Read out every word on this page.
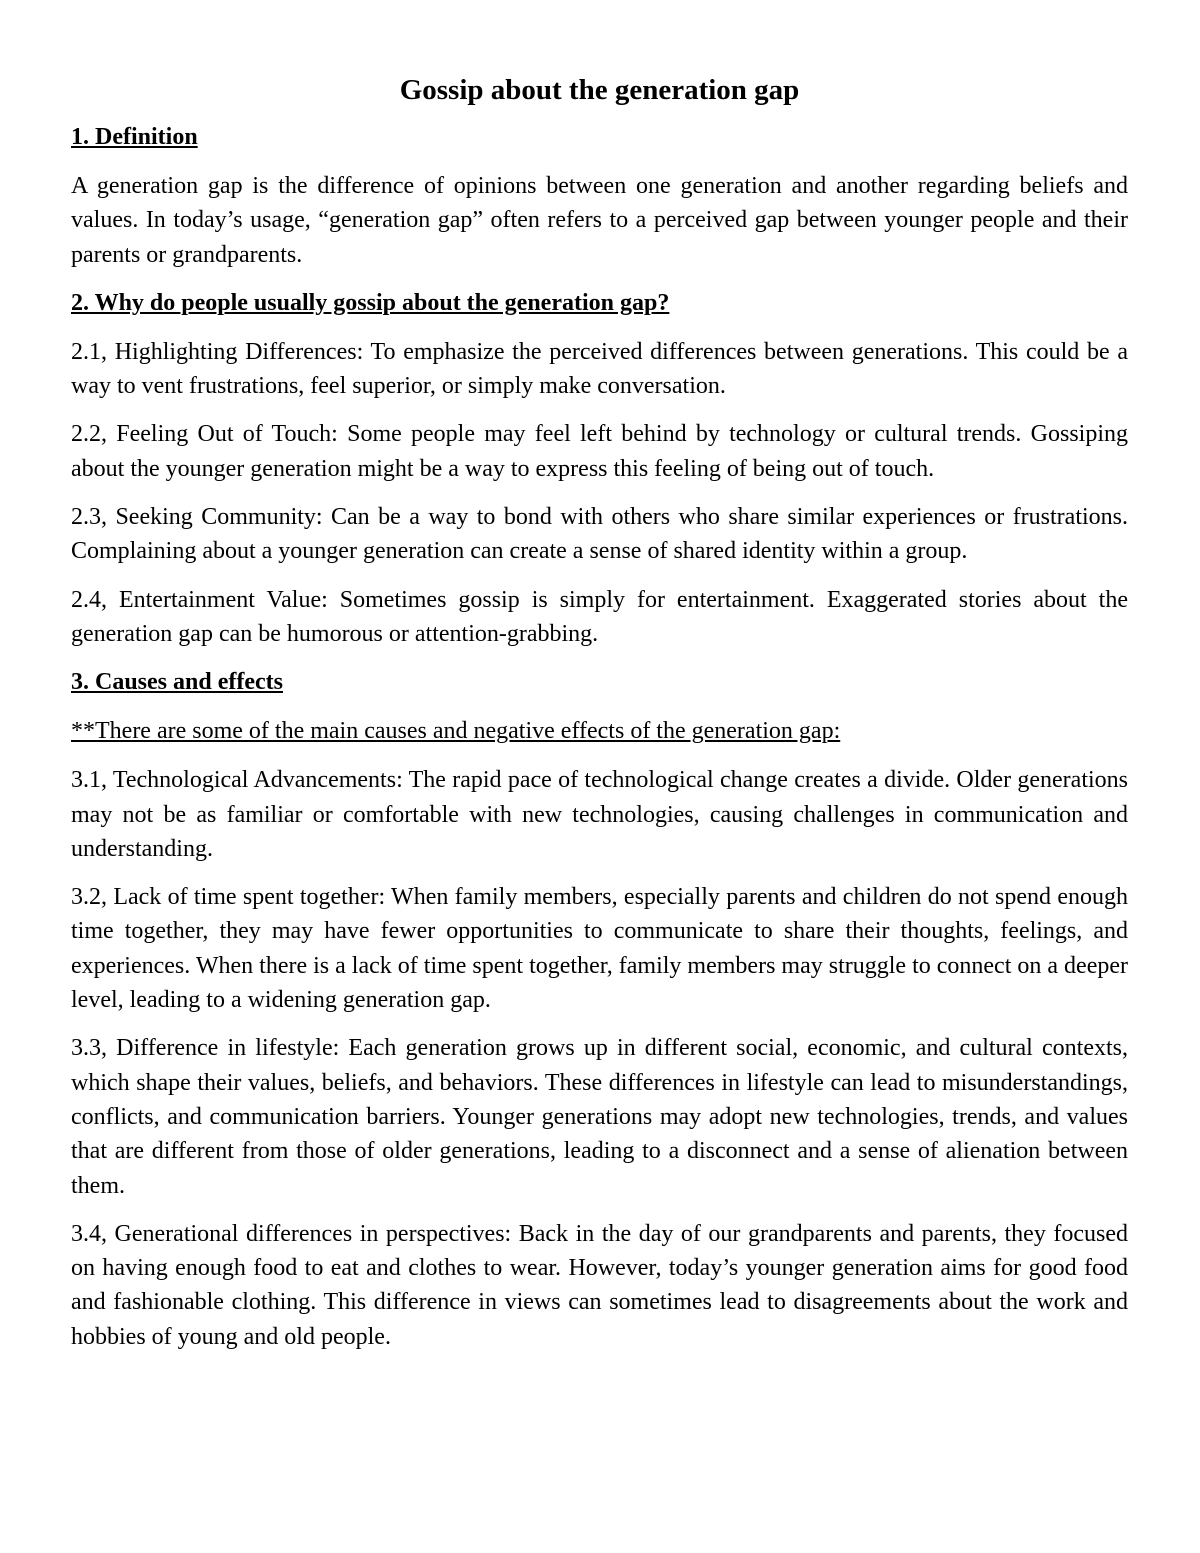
Gossip about the generation gap
1. Definition

A generation gap is the difference of opinions between one generation and another regarding beliefs and values. In today’s usage, “generation gap” often refers to a perceived gap between younger people and their parents or grandparents.

2. Why do people usually gossip about the generation gap?

2.1, Highlighting Differences: To emphasize the perceived differences between generations. This could be a way to vent frustrations, feel superior, or simply make conversation.

2.2, Feeling Out of Touch: Some people may feel left behind by technology or cultural trends. Gossiping about the younger generation might be a way to express this feeling of being out of touch.

2.3, Seeking Community: Can be a way to bond with others who share similar experiences or frustrations. Complaining about a younger generation can create a sense of shared identity within a group.

2.4, Entertainment Value: Sometimes gossip is simply for entertainment. Exaggerated stories about the generation gap can be humorous or attention-grabbing.

3. Causes and effects
**There are some of the main causes and negative effects of the generation gap:

3.1, Technological Advancements: The rapid pace of technological change creates a divide. Older generations may not be as familiar or comfortable with new technologies, causing challenges in communication and understanding.

3.2, Lack of time spent together: When family members, especially parents and children do not spend enough time together, they may have fewer opportunities to communicate to share their thoughts, feelings, and experiences. When there is a lack of time spent together, family members may struggle to connect on a deeper level, leading to a widening generation gap.

3.3, Difference in lifestyle: Each generation grows up in different social, economic, and cultural contexts, which shape their values, beliefs, and behaviors. These differences in lifestyle can lead to misunderstandings, conflicts, and communication barriers. Younger generations may adopt new technologies, trends, and values that are different from those of older generations, leading to a disconnect and a sense of alienation between them.

3.4, Generational differences in perspectives: Back in the day of our grandparents and parents, they focused on having enough food to eat and clothes to wear. However, today’s younger generation aims for good food and fashionable clothing. This difference in views can sometimes lead to disagreements about the work and hobbies of young and old people.
